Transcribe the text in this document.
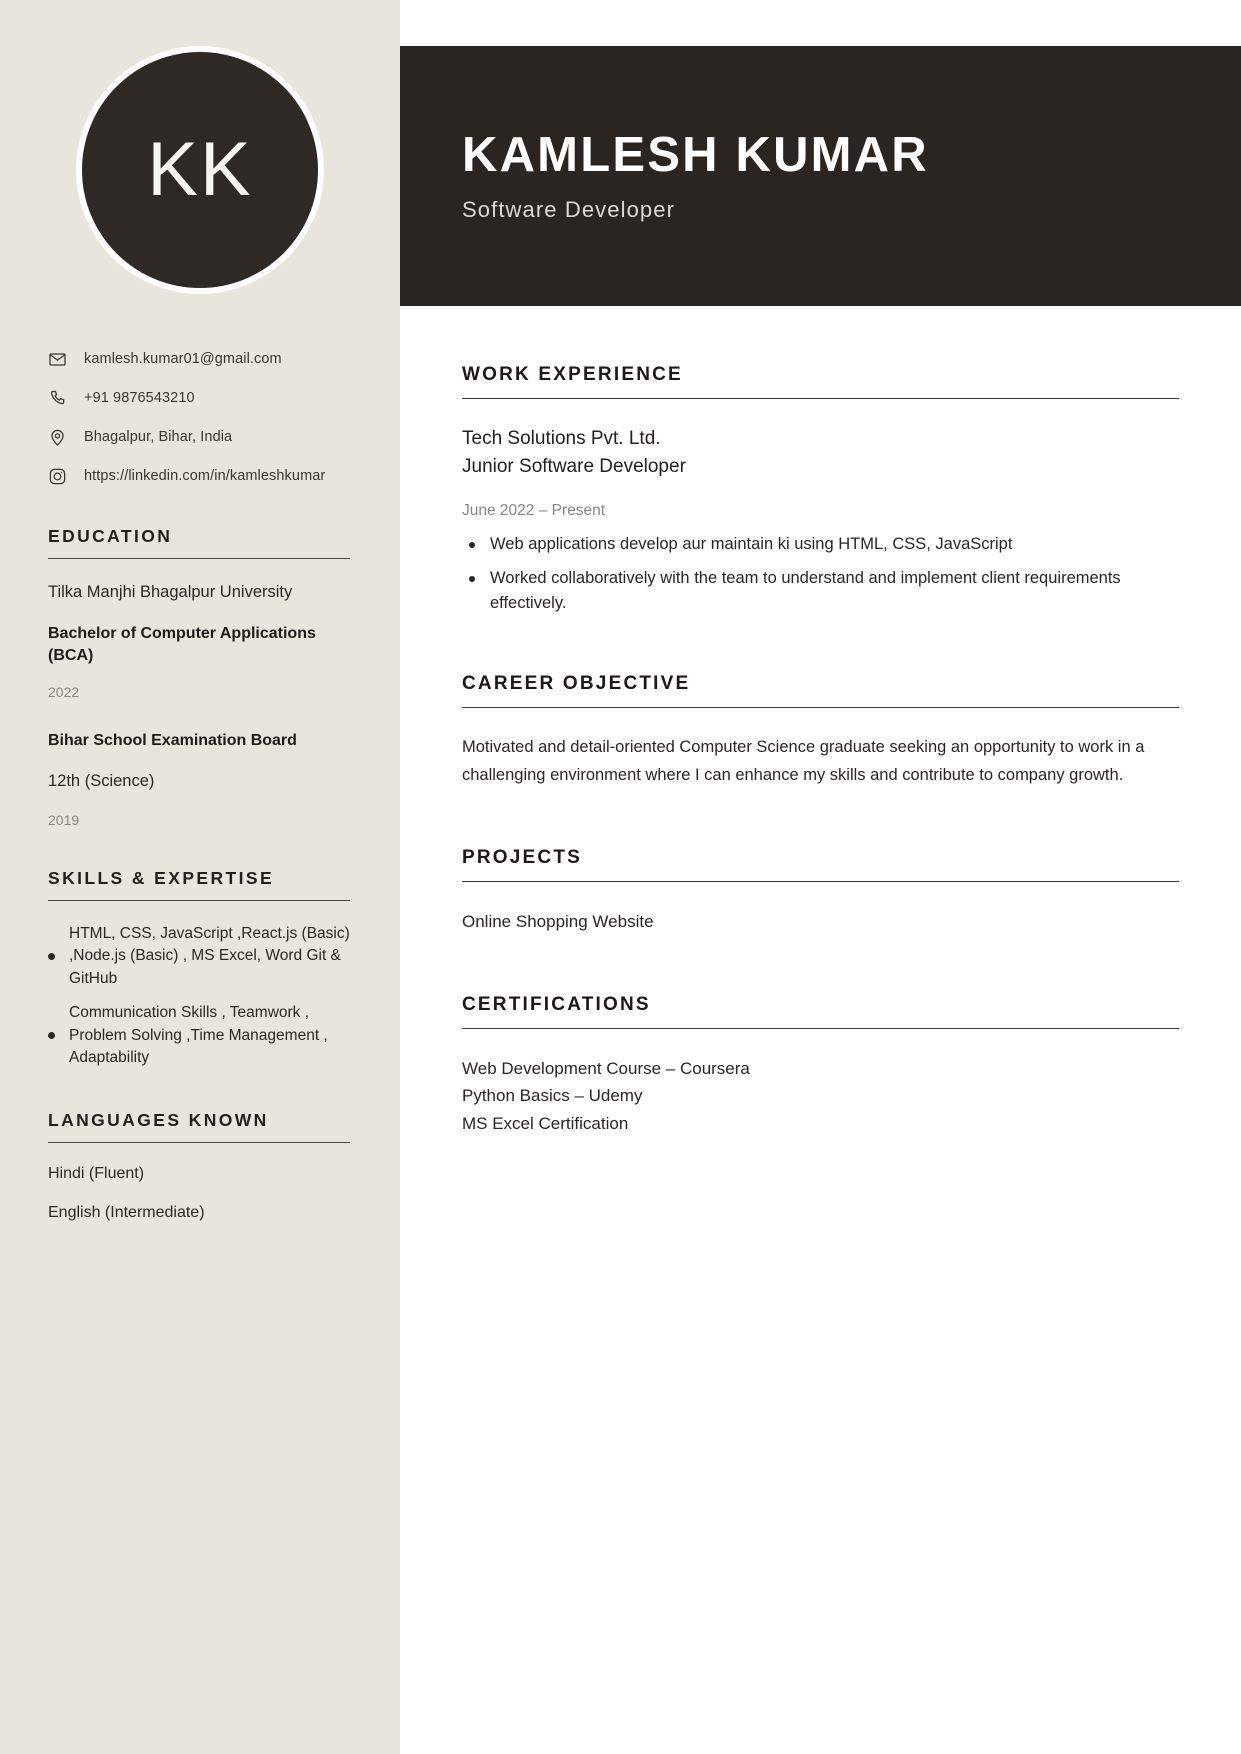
KK
kamlesh.kumar01@gmail.com
+91 9876543210
Bhagalpur, Bihar, India
https://linkedin.com/in/kamleshkumar
EDUCATION
Tilka Manjhi Bhagalpur University
Bachelor of Computer Applications (BCA)
2022
Bihar School Examination Board
12th (Science)
2019
SKILLS & EXPERTISE
HTML, CSS, JavaScript ,React.js (Basic) ,Node.js (Basic) , MS Excel, Word Git & GitHub
Communication Skills , Teamwork , Problem Solving ,Time Management , Adaptability
LANGUAGES KNOWN
Hindi (Fluent)
English (Intermediate)
KAMLESH KUMAR
Software Developer
WORK EXPERIENCE
Tech Solutions Pvt. Ltd.
Junior Software Developer
June 2022 – Present
Web applications develop aur maintain ki using HTML, CSS, JavaScript
Worked collaboratively with the team to understand and implement client requirements effectively.
CAREER OBJECTIVE

Motivated and detail-oriented Computer Science graduate seeking an opportunity to work in a challenging environment where I can enhance my skills and contribute to company growth.

PROJECTS
Online Shopping Website
CERTIFICATIONS
Web Development Course – Coursera
Python Basics – Udemy
MS Excel Certification
